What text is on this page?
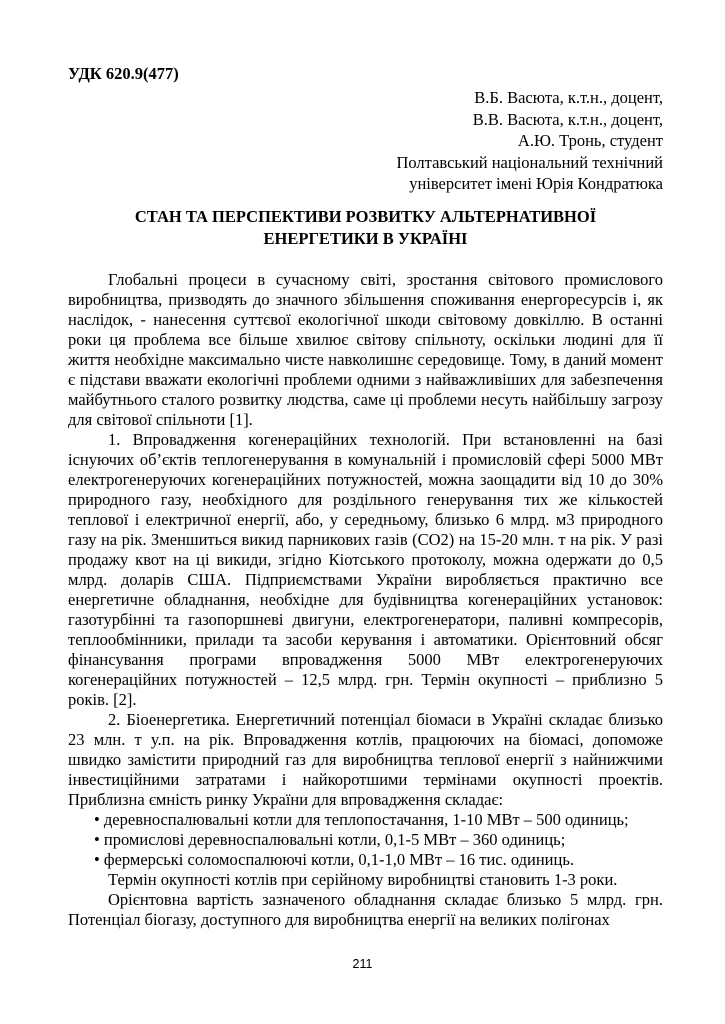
УДК 620.9(477)
В.Б. Васюта, к.т.н., доцент,
В.В. Васюта, к.т.н., доцент,
А.Ю. Тронь, студент
Полтавський національний технічний
університет імені Юрія Кондратюка
СТАН ТА ПЕРСПЕКТИВИ РОЗВИТКУ АЛЬТЕРНАТИВНОЇ
ЕНЕРГЕТИКИ В УКРАЇНІ

Глобальні процеси в сучасному світі, зростання світового промислового виробництва, призводять до значного збільшення споживання енергоресурсів і, як наслідок, - нанесення суттєвої екологічної шкоди світовому довкіллю. В останні роки ця проблема все більше хвилює світову спільноту, оскільки людині для її життя необхідне максимально чисте навколишнє середовище. Тому, в даний момент є підстави вважати екологічні проблеми одними з найважливіших для забезпечення майбутнього сталого розвитку людства, саме ці проблеми несуть найбільшу загрозу для світової спільноти [1].

1. Впровадження когенераційних технологій. При встановленні на базі існуючих об’єктів теплогенерування в комунальній і промисловій сфері 5000 МВт електрогенеруючих когенераційних потужностей, можна заощадити від 10 до 30% природного газу, необхідного для роздільного генерування тих же кількостей теплової і електричної енергії, або, у середньому, близько 6 млрд. м3 природного газу на рік. Зменшиться викид парникових газів (СО2) на 15-20 млн. т на рік. У разі продажу квот на ці викиди, згідно Кіотського протоколу, можна одержати до 0,5 млрд. доларів США. Підприємствами України виробляється практично все енергетичне обладнання, необхідне для будівництва когенераційних установок: газотурбінні та газопоршневі двигуни, електрогенератори, паливні компресорів, теплообмінники, прилади та засоби керування і автоматики. Орієнтовний обсяг фінансування програми впровадження 5000 МВт електрогенеруючих когенераційних потужностей – 12,5 млрд. грн. Термін окупності – приблизно 5 років. [2].

2. Біоенергетика. Енергетичний потенціал біомаси в Україні складає близько 23 млн. т у.п. на рік. Впровадження котлів, працюючих на біомасі, допоможе швидко замістити природний газ для виробництва теплової енергії з найнижчими інвестиційними затратами і найкоротшими термінами окупності проектів. Приблизна ємність ринку України для впровадження складає:

• деревноспалювальні котли для теплопостачання, 1-10 МВт – 500 одиниць;

• промислові деревноспалювальні котли, 0,1-5 МВт – 360 одиниць;

• фермерські соломоспалюючі котли, 0,1-1,0 МВт – 16 тис. одиниць.

Термін окупності котлів при серійному виробництві становить 1-3 роки.

Орієнтовна вартість зазначеного обладнання складає близько 5 млрд. грн. Потенціал біогазу, доступного для виробництва енергії на великих полігонах

211
